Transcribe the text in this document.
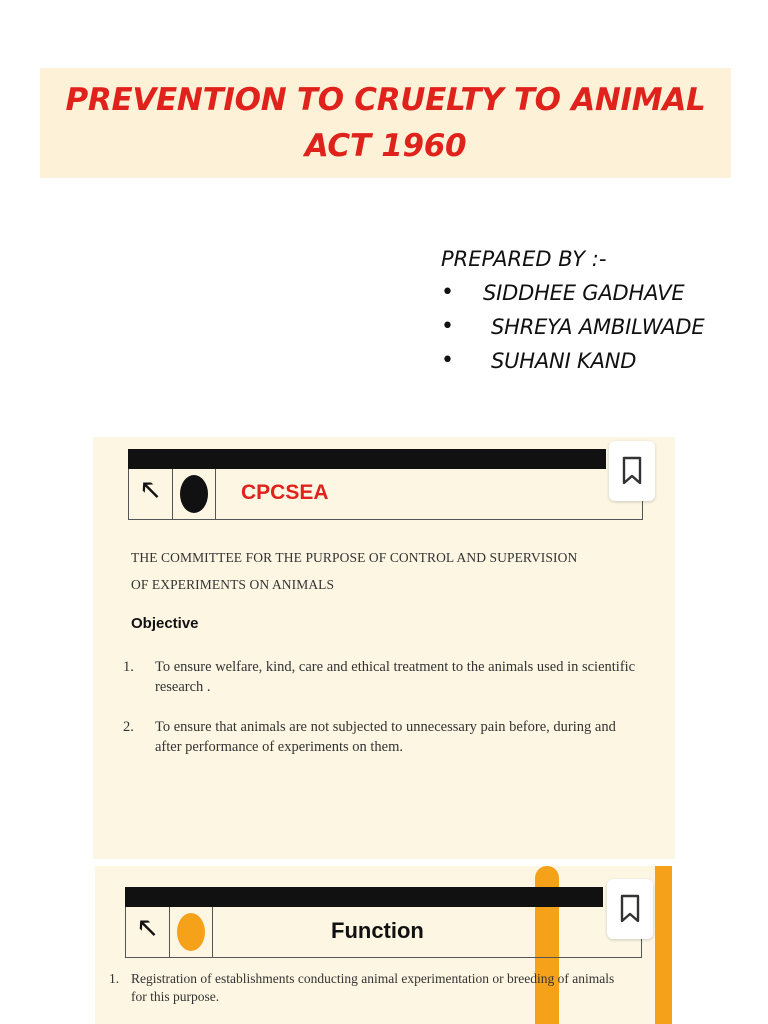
PREVENTION TO CRUELTY TO ANIMAL
ACT 1960
PREPARED BY :-
•	SIDDHEE GADHAVE
•	SHREYA AMBILWADE
•	SUHANI KAND
🡔	CPCSEA
THE COMMITTEE FOR THE PURPOSE OF CONTROL AND SUPERVISION
OF EXPERIMENTS ON ANIMALS
Objective
1. To ensure welfare, kind, care and ethical treatment to the animals used in scientific research .
2. To ensure that animals are not subjected to unnecessary pain before, during and after performance of experiments on them.
🡔	Function
1. Registration of establishments conducting animal experimentation or breeding of animals for this purpose.
